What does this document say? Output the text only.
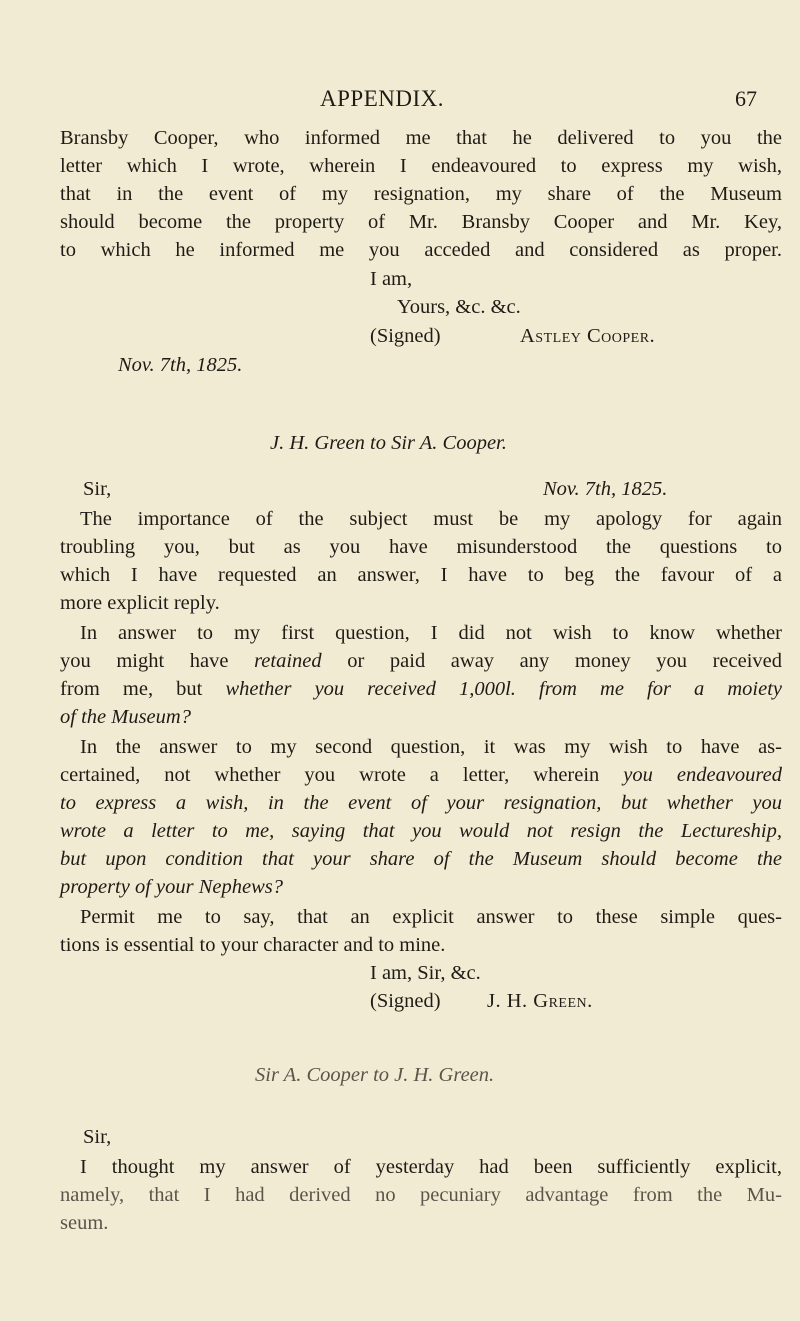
APPENDIX.	67
Bransby Cooper, who informed me that he delivered to you the
letter which I wrote, wherein I endeavoured to express my wish,
that in the event of my resignation, my share of the Museum
should become the property of Mr. Bransby Cooper and Mr. Key,
to which he informed me you acceded and considered as proper.
I am,
Yours, &c. &c.
(Signed)	Astley Cooper.
Nov. 7th, 1825.
J. H. Green to Sir A. Cooper.
Sir,	Nov. 7th, 1825.
The importance of the subject must be my apology for again
troubling you, but as you have misunderstood the questions to
which I have requested an answer, I have to beg the favour of a
more explicit reply.
In answer to my first question, I did not wish to know whether
you might have retained or paid away any money you received
from me, but whether you received 1,000l. from me for a moiety
of the Museum?
In the answer to my second question, it was my wish to have as-
certained, not whether you wrote a letter, wherein you endeavoured
to express a wish, in the event of your resignation, but whether you
wrote a letter to me, saying that you would not resign the Lectureship,
but upon condition that your share of the Museum should become the
property of your Nephews?
Permit me to say, that an explicit answer to these simple ques-
tions is essential to your character and to mine.
I am, Sir, &c.
(Signed) J. H. Green.
Sir A. Cooper to J. H. Green.
Sir,
I thought my answer of yesterday had been sufficiently explicit,
namely, that I had derived no pecuniary advantage from the Mu-
seum.
